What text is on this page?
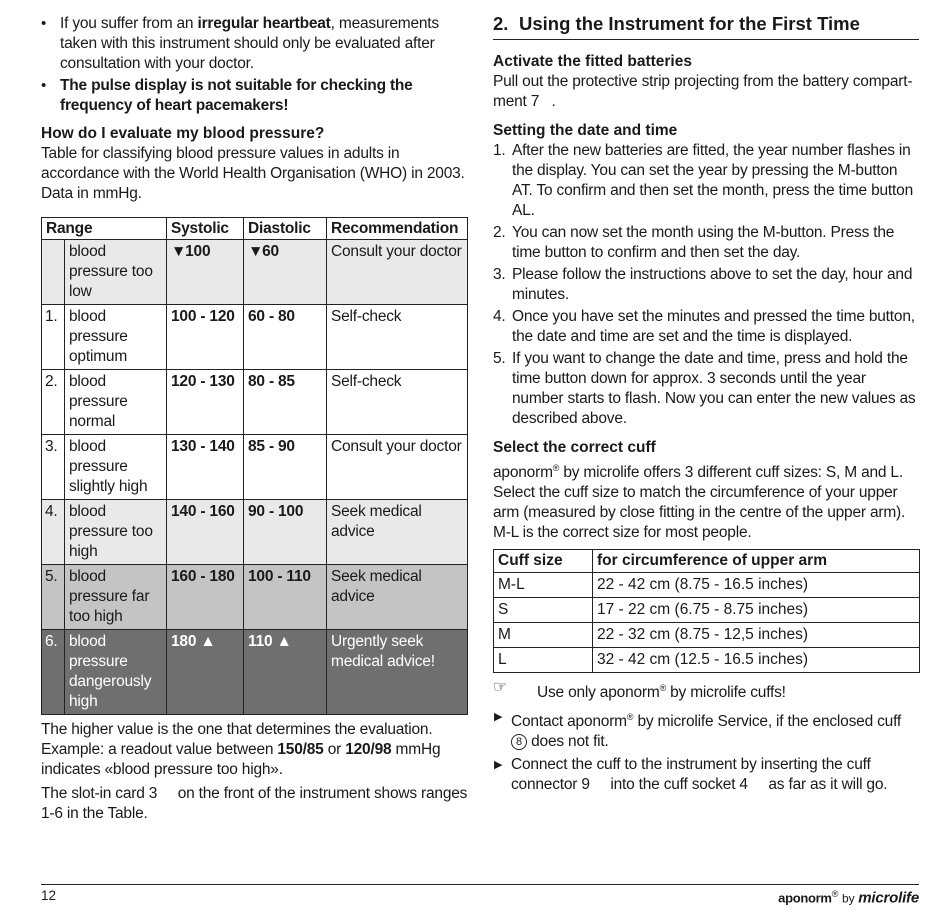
• If you suffer from an irregular heartbeat, measurements taken with this instrument should only be evaluated after consultation with your doctor.
• The pulse display is not suitable for checking the frequency of heart pacemakers!
How do I evaluate my blood pressure?
Table for classifying blood pressure values in adults in accordance with the World Health Organisation (WHO) in 2003. Data in mmHg.
Range		Systolic	Diastolic	Recommendation
	blood pressure too low	▼ 100	▼ 60	Consult your doctor
1.	blood pressure optimum	100 - 120	60 - 80	Self-check
2.	blood pressure normal	120 - 130	80 - 85	Self-check
3.	blood pressure slightly high	130 - 140	85 - 90	Consult your doctor
4.	blood pressure too high	140 - 160	90 - 100	Seek medical advice
5.	blood pressure far too high	160 - 180	100 - 110	Seek medical advice
6.	blood pressure dangerously high	180 ▲	110 ▲	Urgently seek medical advice!
The higher value is the one that determines the evaluation.
Example: a readout value between 150/85 or 120/98 mmHg indicates «blood pressure too high».
The slot-in card 3     on the front of the instrument shows ranges 1-6 in the Table.
2. Using the Instrument for the First Time
Activate the fitted batteries
Pull out the protective strip projecting from the battery compartment 7 .
Setting the date and time
1. After the new batteries are fitted, the year number flashes in the display. You can set the year by pressing the M-button AT. To confirm and then set the month, press the time button AL.
2. You can now set the month using the M-button. Press the time button to confirm and then set the day.
3. Please follow the instructions above to set the day, hour and minutes.
4. Once you have set the minutes and pressed the time button, the date and time are set and the time is displayed.
5. If you want to change the date and time, press and hold the time button down for approx. 3 seconds until the year number starts to flash. Now you can enter the new values as described above.
Select the correct cuff
aponorm® by microlife offers 3 different cuff sizes: S, M and L. Select the cuff size to match the circumference of your upper arm (measured by close fitting in the centre of the upper arm). M-L is the correct size for most people.
Cuff size	for circumference of upper arm
M-L	22 - 42 cm (8.75 - 16.5 inches)
S	17 - 22 cm (6.75 - 8.75 inches)
M	22 - 32 cm (8.75 - 12,5 inches)
L	32 - 42 cm (12.5 - 16.5 inches)
☞	Use only aponorm® by microlife cuffs!
▶ Contact aponorm® by microlife Service, if the enclosed cuff 8 does not fit.
▶ Connect the cuff to the instrument by inserting the cuff connector 9     into the cuff socket 4     as far as it will go.
12	aponorm® by microlife
